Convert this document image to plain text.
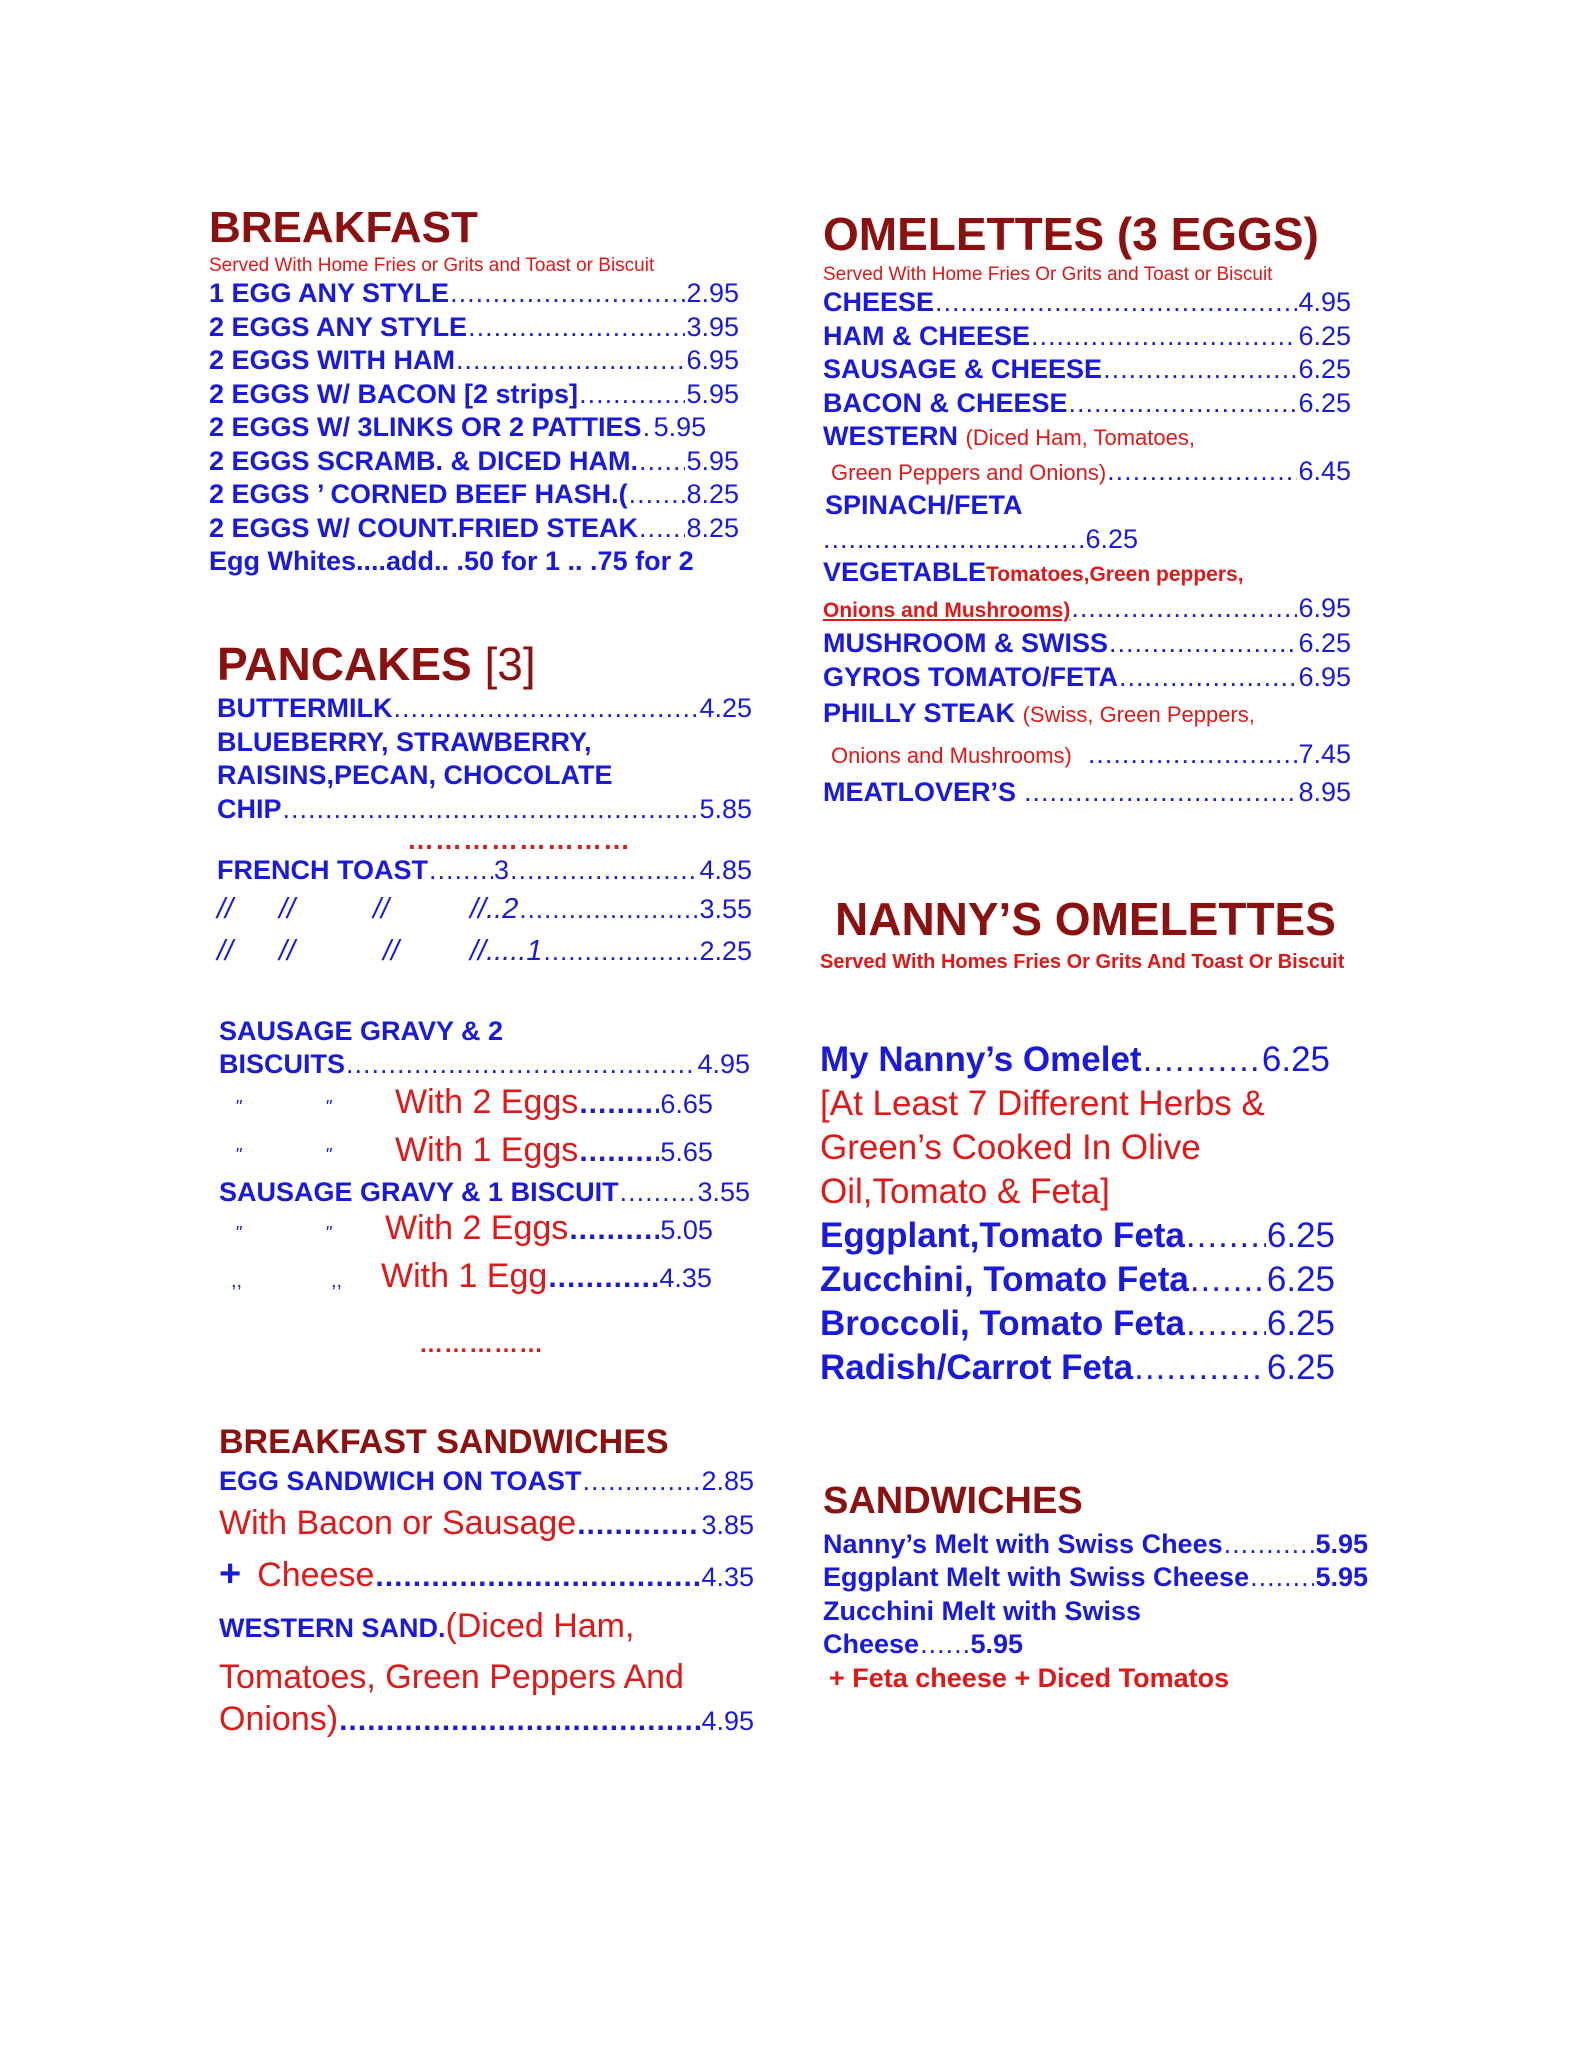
BREAKFAST
Served With Home Fries or Grits and Toast or Biscuit
1 EGG ANY STYLE .....	2.95
2 EGGS ANY STYLE .....	3.95
2 EGGS WITH HAM .....	6.95
2 EGGS W/ BACON [2 strips] .....	5.95
2 EGGS W/ 3LINKS OR 2 PATTIES ..... 5.95
2 EGGS SCRAMB. & DICED HAM. ..... 5.95
2 EGGS ’ CORNED BEEF HASH.( ..... 8.25
2 EGGS W/ COUNT.FRIED STEAK ..... 8.25
Egg Whites....add.. .50 for 1 .. .75 for 2
OMELETTES (3 EGGS)
Served With Home Fries Or Grits and Toast or Biscuit
CHEESE .....	4.95
HAM & CHEESE .....	6.25
SAUSAGE & CHEESE .....	6.25
BACON & CHEESE .....	6.25
WESTERN (Diced Ham, Tomatoes,
Green Peppers and Onions) .....	6.45
SPINACH/FETA
.....
6.25
VEGETABLETomatoes,Green peppers,
Onions and Mushrooms) .....	6.95
MUSHROOM & SWISS .....	6.25
GYROS TOMATO/FETA .....	6.95
PHILLY STEAK (Swiss, Green Peppers,
Onions and Mushrooms) .....	7.45
MEATLOVER’S .....	8.95
PANCAKES [3]
BUTTERMILK .....	4.25
BLUEBERRY, STRAWBERRY,
RAISINS,PECAN, CHOCOLATE
CHIP .....	5.85
……………………
FRENCH TOAST ..... 3 .....	4.85
//	//	//	//..2 .....	3.55
//	//	//	//.....1 .....	2.25
SAUSAGE GRAVY & 2
BISCUITS .....	4.95
"	"	With 2 Eggs .....	6.65
"	"	With 1 Eggs .....	5.65
SAUSAGE GRAVY & 1 BISCUIT .....	3.55
"	"	With 2 Eggs .....	5.05
,,	,,	With 1 Egg .....	4.35
……………
NANNY’S OMELETTES
Served With Homes Fries Or Grits And Toast Or Biscuit
My Nanny’s Omelet .....	6.25
[At Least 7 Different Herbs &
Green’s Cooked In Olive
Oil,Tomato & Feta]
Eggplant,Tomato Feta ..... 6.25
Zucchini, Tomato Feta ..... 6.25
Broccoli, Tomato Feta ..... 6.25
Radish/Carrot Feta .....	6.25
BREAKFAST SANDWICHES
EGG SANDWICH ON TOAST .....	2.85
With Bacon or Sausage .....	3.85
+ Cheese .....	4.35
WESTERN SAND.(Diced Ham,
Tomatoes, Green Peppers And
Onions) .....	4.95
SANDWICHES
Nanny’s Melt with Swiss Chees .....	5.95
Eggplant Melt with Swiss Cheese ..... 5.95
Zucchini Melt with Swiss
Cheese ..... 5.95
+ Feta cheese + Diced Tomatos
